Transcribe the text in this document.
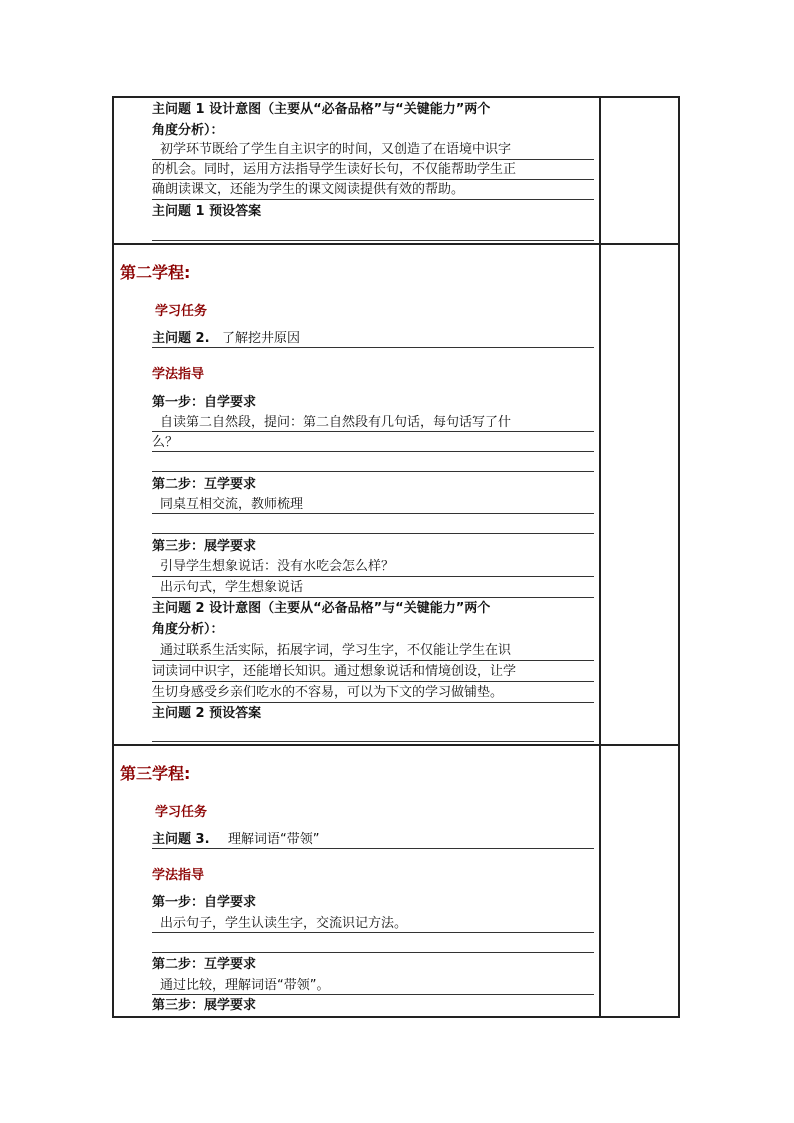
主问题 1 设计意图（主要从“必备品格”与“关键能力”两个
角度分析）：
初学环节既给了学生自主识字的时间，又创造了在语境中识字
的机会。同时，运用方法指导学生读好长句，不仅能帮助学生正
确朗读课文，还能为学生的课文阅读提供有效的帮助。
主问题 1 预设答案
第二学程:
学习任务
主问题 2. 了解挖井原因
学法指导
第一步：自学要求
自读第二自然段，提问：第二自然段有几句话，每句话写了什
么？
第二步：互学要求
同桌互相交流，教师梳理
第三步：展学要求
引导学生想象说话：没有水吃会怎么样？
出示句式，学生想象说话
主问题 2 设计意图（主要从“必备品格”与“关键能力”两个
角度分析）：
通过联系生活实际，拓展字词，学习生字，不仅能让学生在识
词读词中识字，还能增长知识。通过想象说话和情境创设，让学
生切身感受乡亲们吃水的不容易，可以为下文的学习做铺垫。
主问题 2 预设答案
第三学程:
学习任务
主问题 3. 理解词语“带领”
学法指导
第一步：自学要求
出示句子，学生认读生字，交流识记方法。
第二步：互学要求
通过比较，理解词语“带领”。
第三步：展学要求
